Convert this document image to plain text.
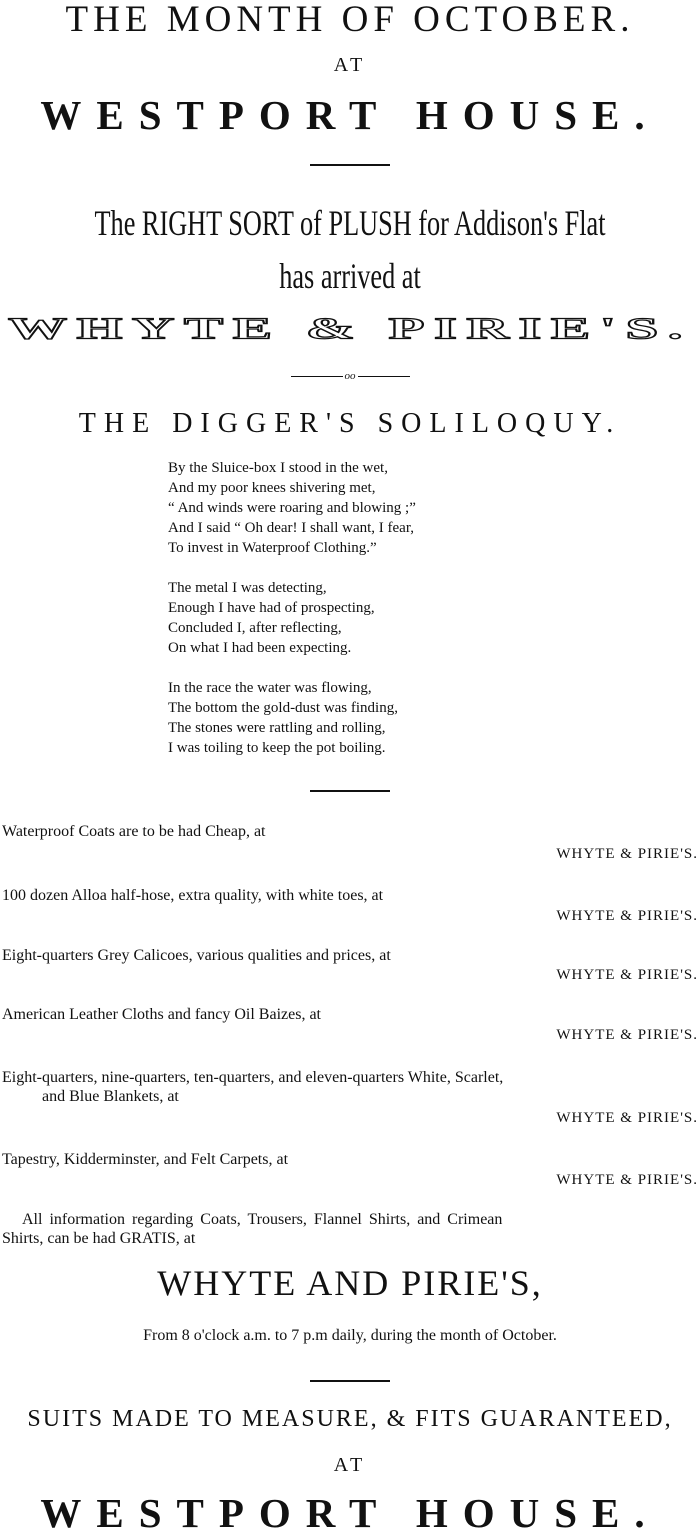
THE MONTH OF OCTOBER.
AT
WESTPORT HOUSE.
The RIGHT SORT of PLUSH for Addison's Flat
has arrived at
WHYTE & PIRIE'S.
oo
THE DIGGER'S SOLILOQUY.
By the Sluice-box I stood in the wet,
And my poor knees shivering met,
“ And winds were roaring and blowing ;”
And I said “ Oh dear! I shall want, I fear,
To invest in Waterproof Clothing.”
The metal I was detecting,
Enough I have had of prospecting,
Concluded I, after reflecting,
On what I had been expecting.
In the race the water was flowing,
The bottom the gold-dust was finding,
The stones were rattling and rolling,
I was toiling to keep the pot boiling.
Waterproof Coats are to be had Cheap, at
WHYTE & PIRIE'S.
100 dozen Alloa half-hose, extra quality, with white toes, at
WHYTE & PIRIE'S.
Eight-quarters Grey Calicoes, various qualities and prices, at
WHYTE & PIRIE'S.
American Leather Cloths and fancy Oil Baizes, at
WHYTE & PIRIE'S.
Eight-quarters, nine-quarters, ten-quarters, and eleven-quarters White, Scarlet,
and Blue Blankets, at
WHYTE & PIRIE'S.
Tapestry, Kidderminster, and Felt Carpets, at
WHYTE & PIRIE'S.
All information regarding Coats, Trousers, Flannel Shirts, and Crimean
Shirts, can be had GRATIS, at
WHYTE AND PIRIE'S,
From 8 o'clock a.m. to 7 p.m daily, during the month of October.
SUITS MADE TO MEASURE, & FITS GUARANTEED,
AT
WESTPORT HOUSE.
